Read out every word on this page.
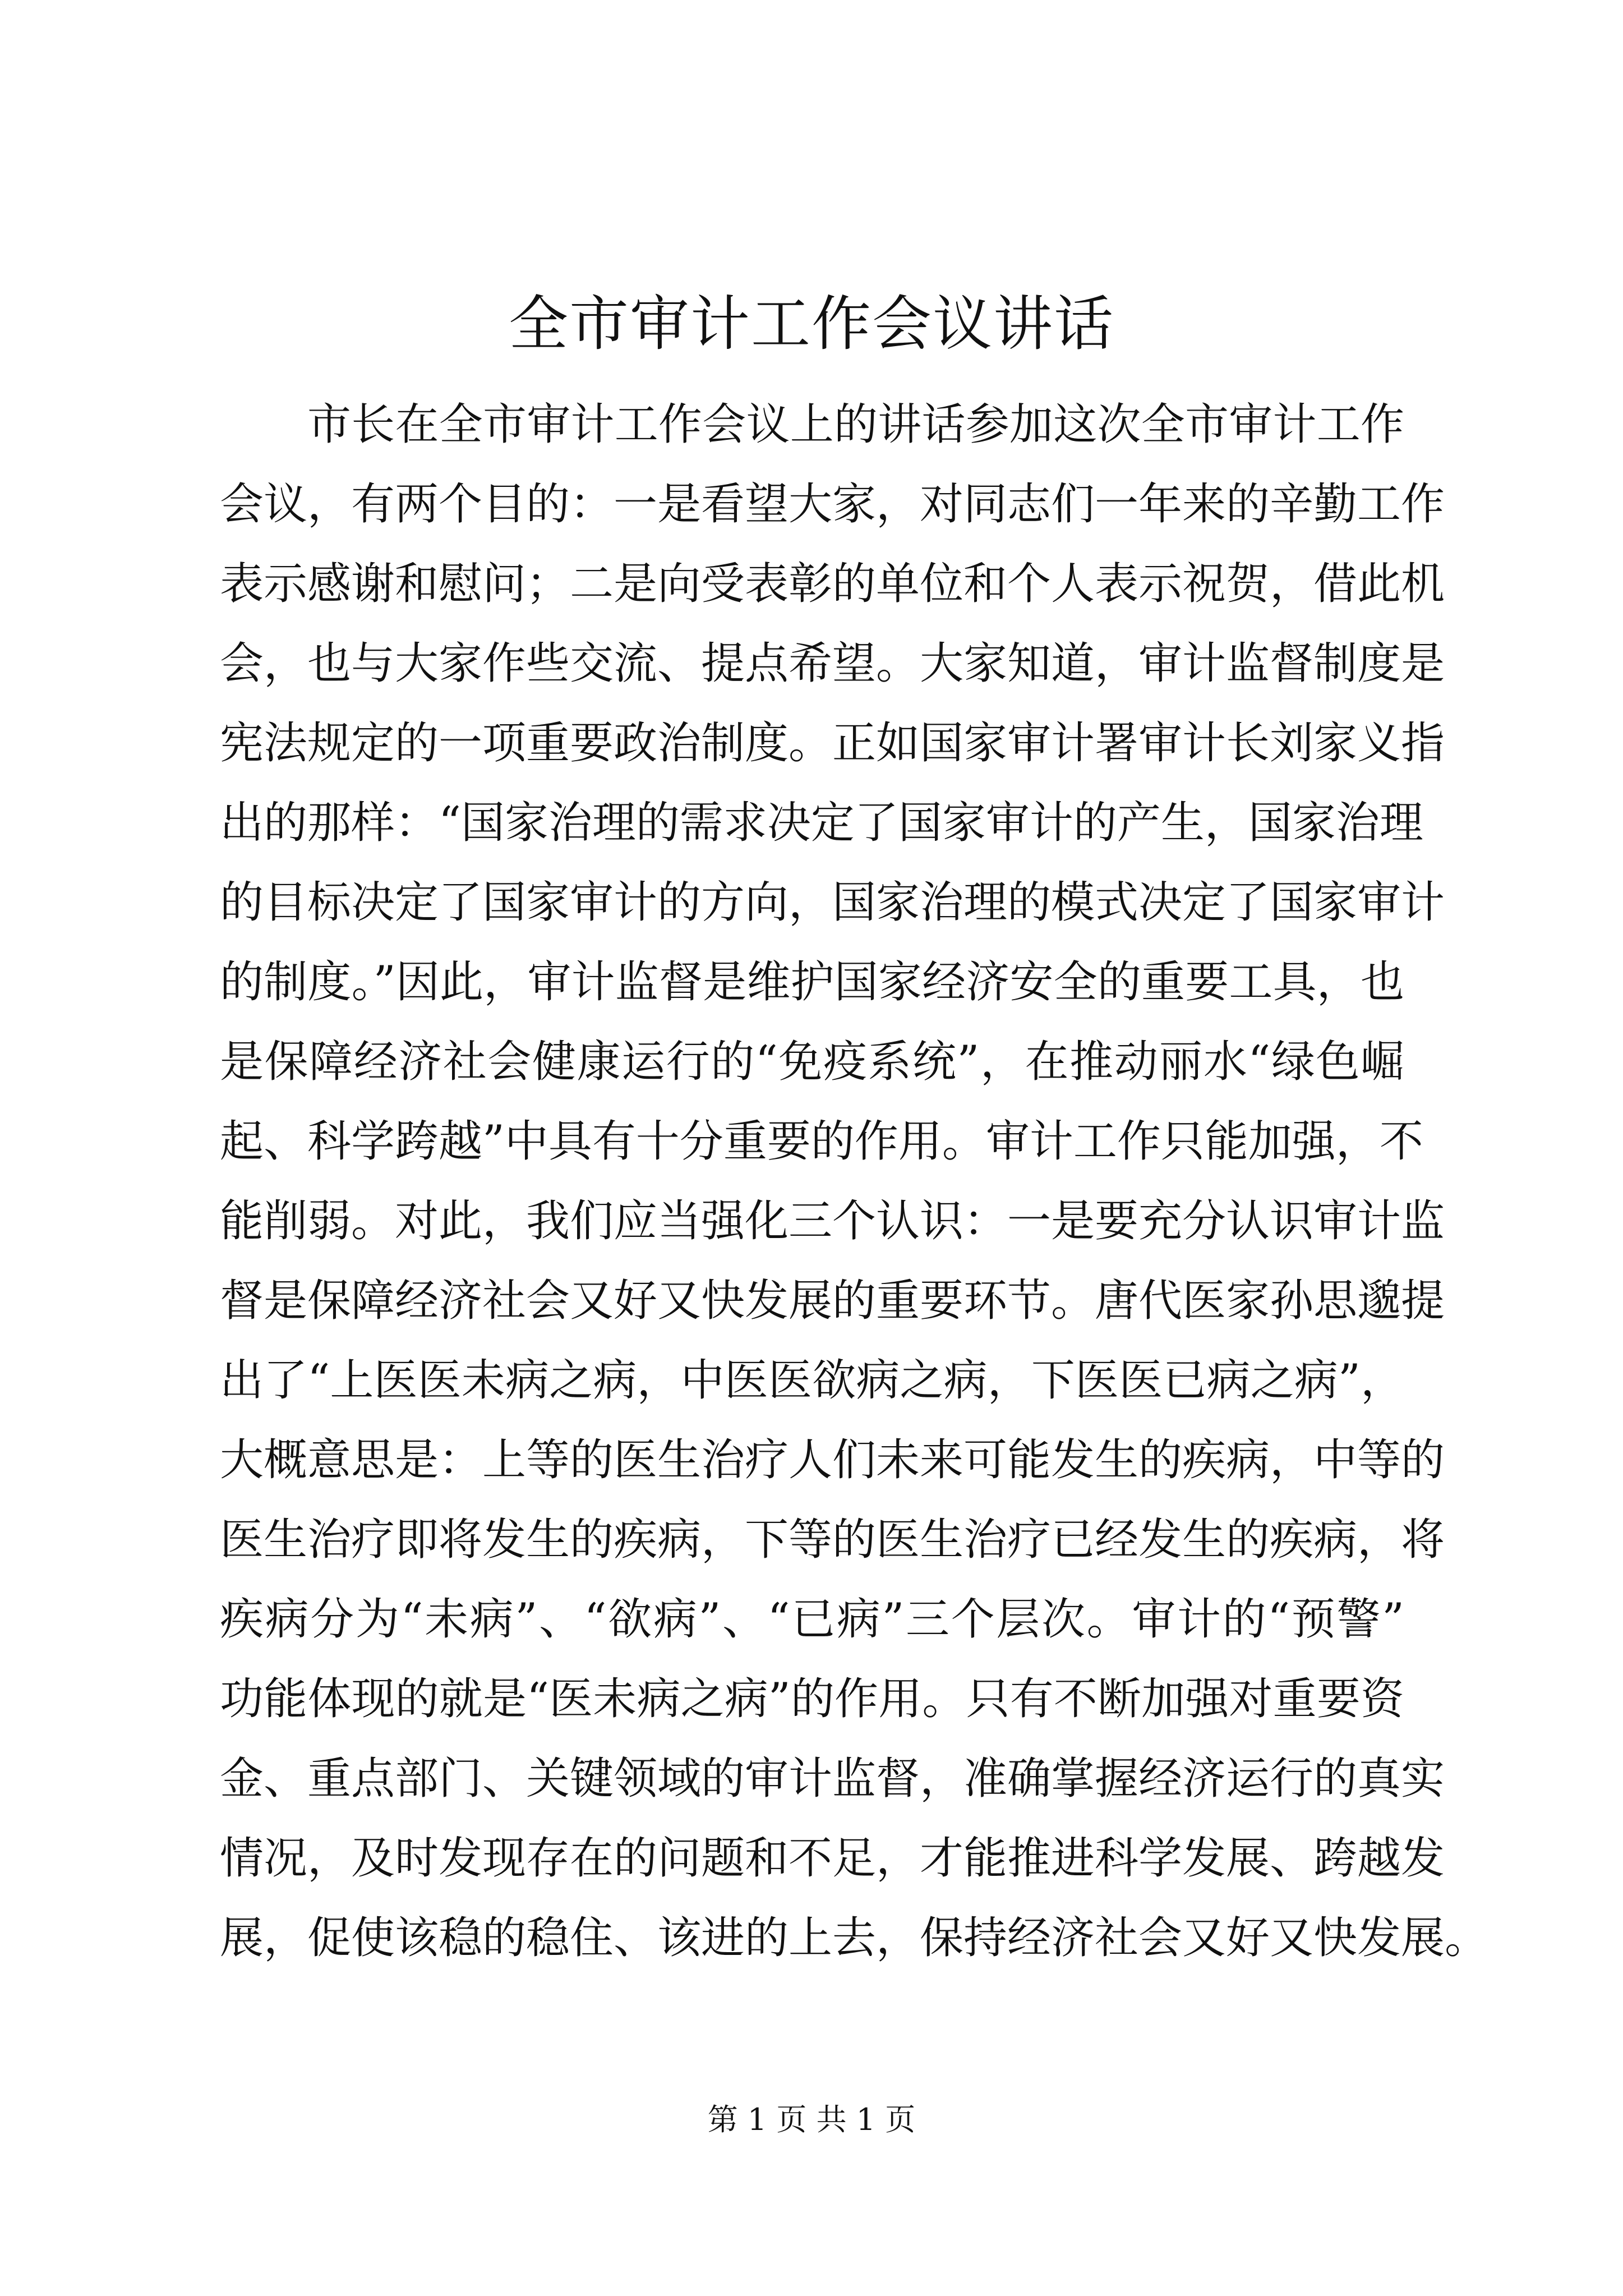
全市审计工作会议讲话
市长在全市审计工作会议上的讲话参加这次全市审计工作
会议，有两个目的：一是看望大家，对同志们一年来的辛勤工作
表示感谢和慰问；二是向受表彰的单位和个人表示祝贺，借此机
会，也与大家作些交流、提点希望。大家知道，审计监督制度是
宪法规定的一项重要政治制度。正如国家审计署审计长刘家义指
出的那样：“国家治理的需求决定了国家审计的产生，国家治理
的目标决定了国家审计的方向，国家治理的模式决定了国家审计
的制度。”因此，审计监督是维护国家经济安全的重要工具，也
是保障经济社会健康运行的“免疫系统”，在推动丽水“绿色崛
起、科学跨越”中具有十分重要的作用。审计工作只能加强，不
能削弱。对此，我们应当强化三个认识：一是要充分认识审计监
督是保障经济社会又好又快发展的重要环节。唐代医家孙思邈提
出了“上医医未病之病，中医医欲病之病，下医医已病之病”，
大概意思是：上等的医生治疗人们未来可能发生的疾病，中等的
医生治疗即将发生的疾病，下等的医生治疗已经发生的疾病，将
疾病分为“未病”、“欲病”、“已病”三个层次。审计的“预警”
功能体现的就是“医未病之病”的作用。只有不断加强对重要资
金、重点部门、关键领域的审计监督，准确掌握经济运行的真实
情况，及时发现存在的问题和不足，才能推进科学发展、跨越发
展，促使该稳的稳住、该进的上去，保持经济社会又好又快发展。
第 1 页 共 1 页
